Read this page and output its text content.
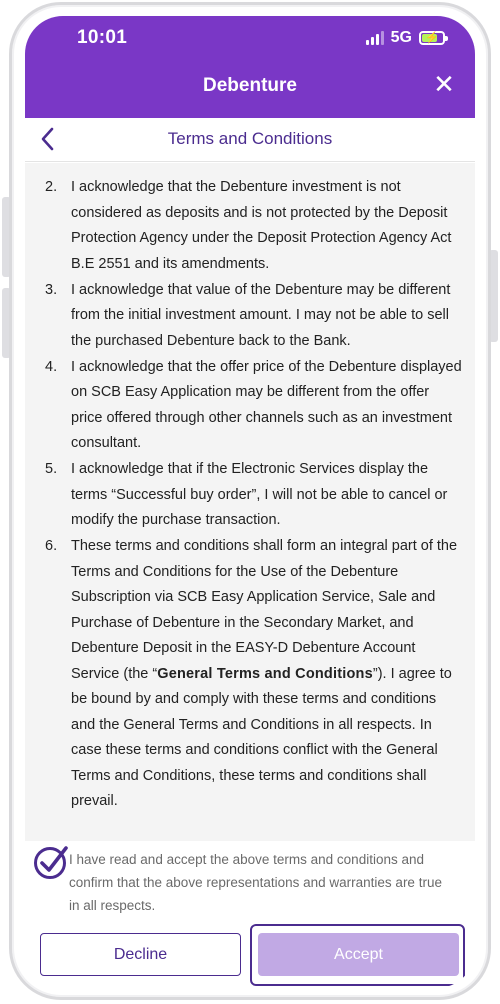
10:01	5G ⚡
Debenture	✕
Terms and Conditions
2. I acknowledge that the Debenture investment is not considered as deposits and is not protected by the Deposit Protection Agency under the Deposit Protection Agency Act B.E 2551 and its amendments.
3. I acknowledge that value of the Debenture may be different from the initial investment amount. I may not be able to sell the purchased Debenture back to the Bank.
4. I acknowledge that the offer price of the Debenture displayed on SCB Easy Application may be different from the offer price offered through other channels such as an investment consultant.
5. I acknowledge that if the Electronic Services display the terms “Successful buy order”, I will not be able to cancel or modify the purchase transaction.
6. These terms and conditions shall form an integral part of the Terms and Conditions for the Use of the Debenture Subscription via SCB Easy Application Service, Sale and Purchase of Debenture in the Secondary Market, and Debenture Deposit in the EASY-D Debenture Account Service (the “General Terms and Conditions”). I agree to be bound by and comply with these terms and conditions and the General Terms and Conditions in all respects. In case these terms and conditions conflict with the General Terms and Conditions, these terms and conditions shall prevail.
I have read and accept the above terms and conditions and confirm that the above representations and warranties are true in all respects.
Decline	Accept
